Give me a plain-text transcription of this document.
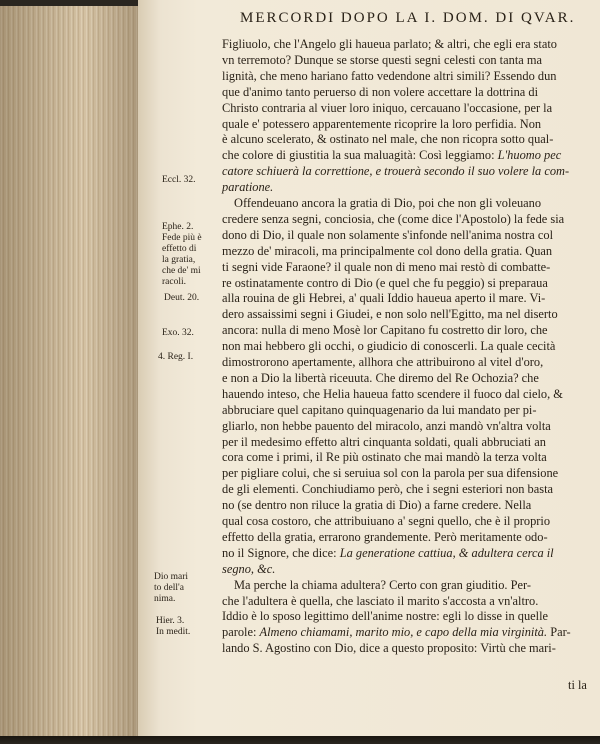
MERCORDI DOPO LA I. DOM. DI QVAR.
Eccl. 32.
Ephe. 2.
Fede più è
effetto di
la gratia,
che de' mi
racoli.
Deut. 20.
Exo. 32.
4. Reg. I.
Dio mari
to dell'a
nima.
Hier. 3.
In medit.
Figliuolo, che l'Angelo gli haueua parlato; & altri, che egli era stato
vn terremoto? Dunque se storse questi segni celesti con tanta ma
lignità, che meno hariano fatto vedendone altri simili? Essendo dun
que d'animo tanto peruerso di non volere accettare la dottrina di
Christo contraria al viuer loro iniquo, cercauano l'occasione, per la
quale e' potessero apparentemente ricoprire la loro perfidia. Non
è alcuno scelerato, & ostinato nel male, che non ricopra sotto qual-
che colore di giustitia la sua maluagità: Così leggiamo: L'huomo pec
catore schiuerà la correttione, e trouerà secondo il suo volere la com-
paratione.
Offendeuano ancora la gratia di Dio, poi che non gli voleuano
credere senza segni, conciosia, che (come dice l'Apostolo) la fede sia
dono di Dio, il quale non solamente s'infonde nell'anima nostra col
mezzo de' miracoli, ma principalmente col dono della gratia. Quan
ti segni vide Faraone? il quale non di meno mai restò di combatte-
re ostinatamente contro di Dio (e quel che fu peggio) si preparaua
alla rouina de gli Hebrei, a' quali Iddio haueua aperto il mare. Vi-
dero assaissimi segni i Giudei, e non solo nell'Egitto, ma nel diserto
ancora: nulla di meno Mosè lor Capitano fu costretto dir loro, che
non mai hebbero gli occhi, o giudicio di conoscerli. La quale cecità
dimostrorono apertamente, allhora che attribuirono al vitel d'oro,
e non a Dio la libertà riceuuta. Che diremo del Re Ochozia? che
hauendo inteso, che Helia haueua fatto scendere il fuoco dal cielo, &
abbruciare quel capitano quinquagenario da lui mandato per pi-
gliarlo, non hebbe pauento del miracolo, anzi mandò vn'altra volta
per il medesimo effetto altri cinquanta soldati, quali abbruciati an
cora come i primi, il Re più ostinato che mai mandò la terza volta
per pigliare colui, che si seruiua sol con la parola per sua difensione
de gli elementi. Conchiudiamo però, che i segni esteriori non basta
no (se dentro non riluce la gratia di Dio) a farne credere. Nella
qual cosa costoro, che attribuiuano a' segni quello, che è il proprio
effetto della gratia, errarono grandemente. Però meritamente odo-
no il Signore, che dice: La generatione cattiua, & adultera cerca il
segno, &c.
Ma perche la chiama adultera? Certo con gran giuditio. Per-
che l'adultera è quella, che lasciato il marito s'accosta a vn'altro.
Iddio è lo sposo legittimo dell'anime nostre: egli lo disse in quelle
parole: Almeno chiamami, marito mio, e capo della mia virginità. Par-
lando S. Agostino con Dio, dice a questo proposito: Virtù che mari-
ti la
